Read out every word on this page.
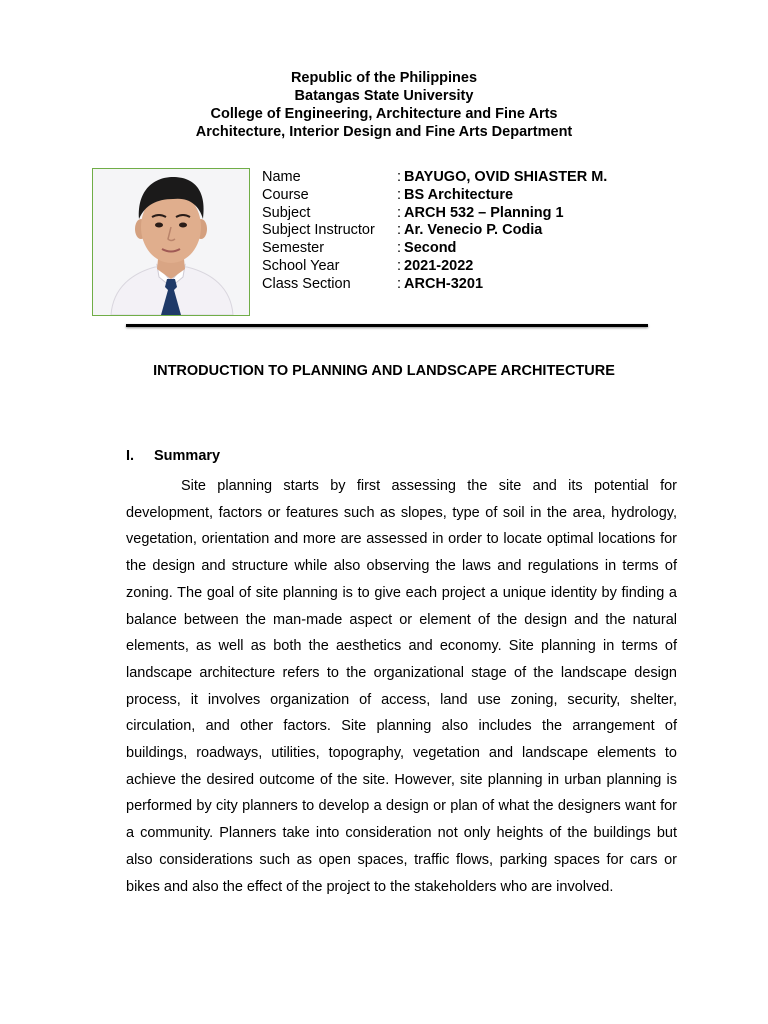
Republic of the Philippines
Batangas State University
College of Engineering, Architecture and Fine Arts
Architecture, Interior Design and Fine Arts Department
Name	: BAYUGO, OVID SHIASTER M.
Course	: BS Architecture
Subject	: ARCH 532 – Planning 1
Subject Instructor : Ar. Venecio P. Codia
Semester	: Second
School Year	: 2021-2022
Class Section	: ARCH-3201
INTRODUCTION TO PLANNING AND LANDSCAPE ARCHITECTURE
I. Summary

Site planning starts by first assessing the site and its potential for development, factors or features such as slopes, type of soil in the area, hydrology, vegetation, orientation and more are assessed in order to locate optimal locations for the design and structure while also observing the laws and regulations in terms of zoning. The goal of site planning is to give each project a unique identity by finding a balance between the man-made aspect or element of the design and the natural elements, as well as both the aesthetics and economy. Site planning in terms of landscape architecture refers to the organizational stage of the landscape design process, it involves organization of access, land use zoning, security, shelter, circulation, and other factors. Site planning also includes the arrangement of buildings, roadways, utilities, topography, vegetation and landscape elements to achieve the desired outcome of the site. However, site planning in urban planning is performed by city planners to develop a design or plan of what the designers want for a community. Planners take into consideration not only heights of the buildings but also considerations such as open spaces, traffic flows, parking spaces for cars or bikes and also the effect of the project to the stakeholders who are involved.
